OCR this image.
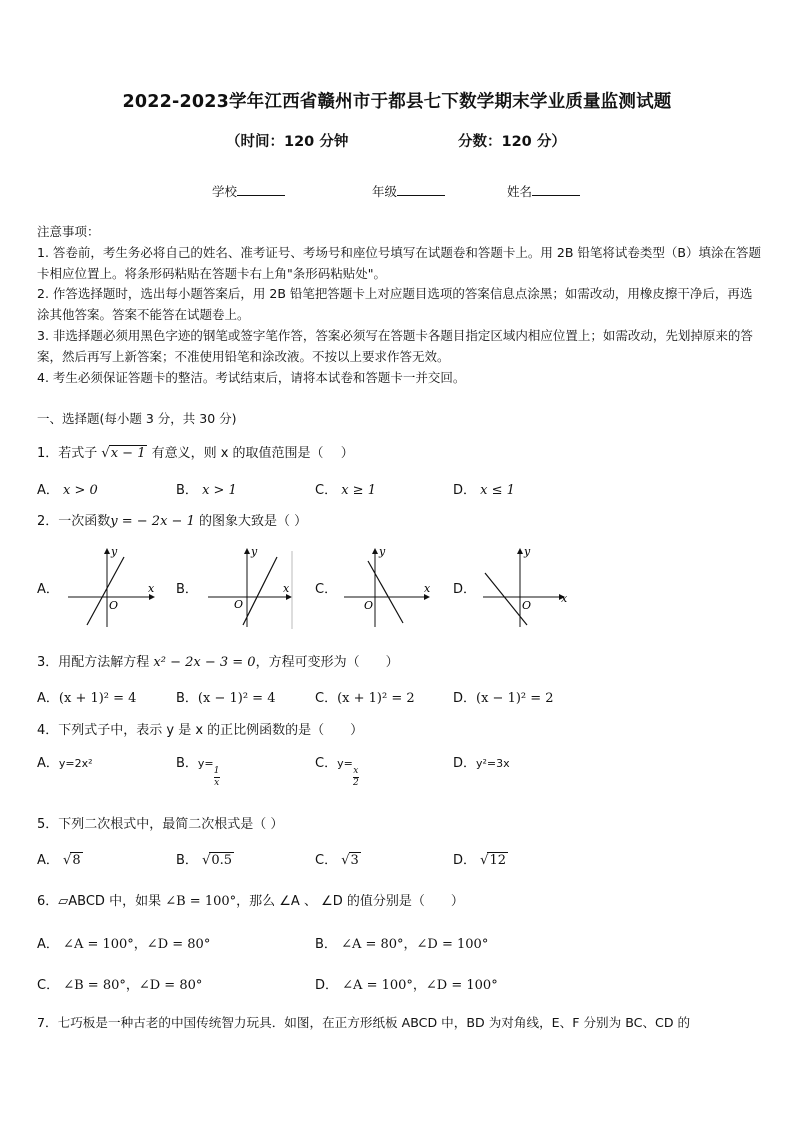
2022-2023学年江西省赣州市于都县七下数学期末学业质量监测试题
（时间：120 分钟	分数：120 分）
学校	年级	姓名

注意事项：

1. 答卷前，考生务必将自己的姓名、准考证号、考场号和座位号填写在试题卷和答题卡上。用 2B 铅笔将试卷类型（B）填涂在答题卡相应位置上。将条形码粘贴在答题卡右上角"条形码粘贴处"。

2. 作答选择题时，选出每小题答案后，用 2B 铅笔把答题卡上对应题目选项的答案信息点涂黑；如需改动，用橡皮擦干净后，再选涂其他答案。答案不能答在试题卷上。

3. 非选择题必须用黑色字迹的钢笔或签字笔作答，答案必须写在答题卡各题目指定区域内相应位置上；如需改动，先划掉原来的答案，然后再写上新答案；不准使用铅笔和涂改液。不按以上要求作答无效。

4. 考生必须保证答题卡的整洁。考试结束后，请将本试卷和答题卡一并交回。

一、选择题(每小题 3 分，共 30 分)
1．若式子 √x − 1 有意义，则 x 的取值范围是（　 ）
A． x > 0	B． x > 1	C． x ≥ 1	D． x ≤ 1
2．一次函数y = − 2x − 1 的图象大致是（ ）
A．	B．	C．	D．
O
x
y
O
x
y
O
x
y
O
x
y
3．用配方法解方程 x² − 2x − 3 = 0，方程可变形为（　　）
A．(x + 1)² = 4	B．(x − 1)² = 4	C．(x + 1)² = 2	D．(x − 1)² = 2
4．下列式子中，表示 y 是 x 的正比例函数的是（　　）
A．y=2x²	B．y=
$\frac{1}{x}$
C．y=
$\frac{x}{2}$
D．y²=3x
5．下列二次根式中，最简二次根式是（ ）
A． √8	B． √0.5	C． √3	D． √12
6．▱ABCD 中，如果 ∠B = 100°，那么 ∠A 、 ∠D 的值分别是（　　）
A． ∠A = 100°，∠D = 80°	B． ∠A = 80°，∠D = 100°
C． ∠B = 80°，∠D = 80°	D． ∠A = 100°，∠D = 100°
7．七巧板是一种古老的中国传统智力玩具．如图，在正方形纸板 ABCD 中，BD 为对角线，E、F 分别为 BC、CD 的
